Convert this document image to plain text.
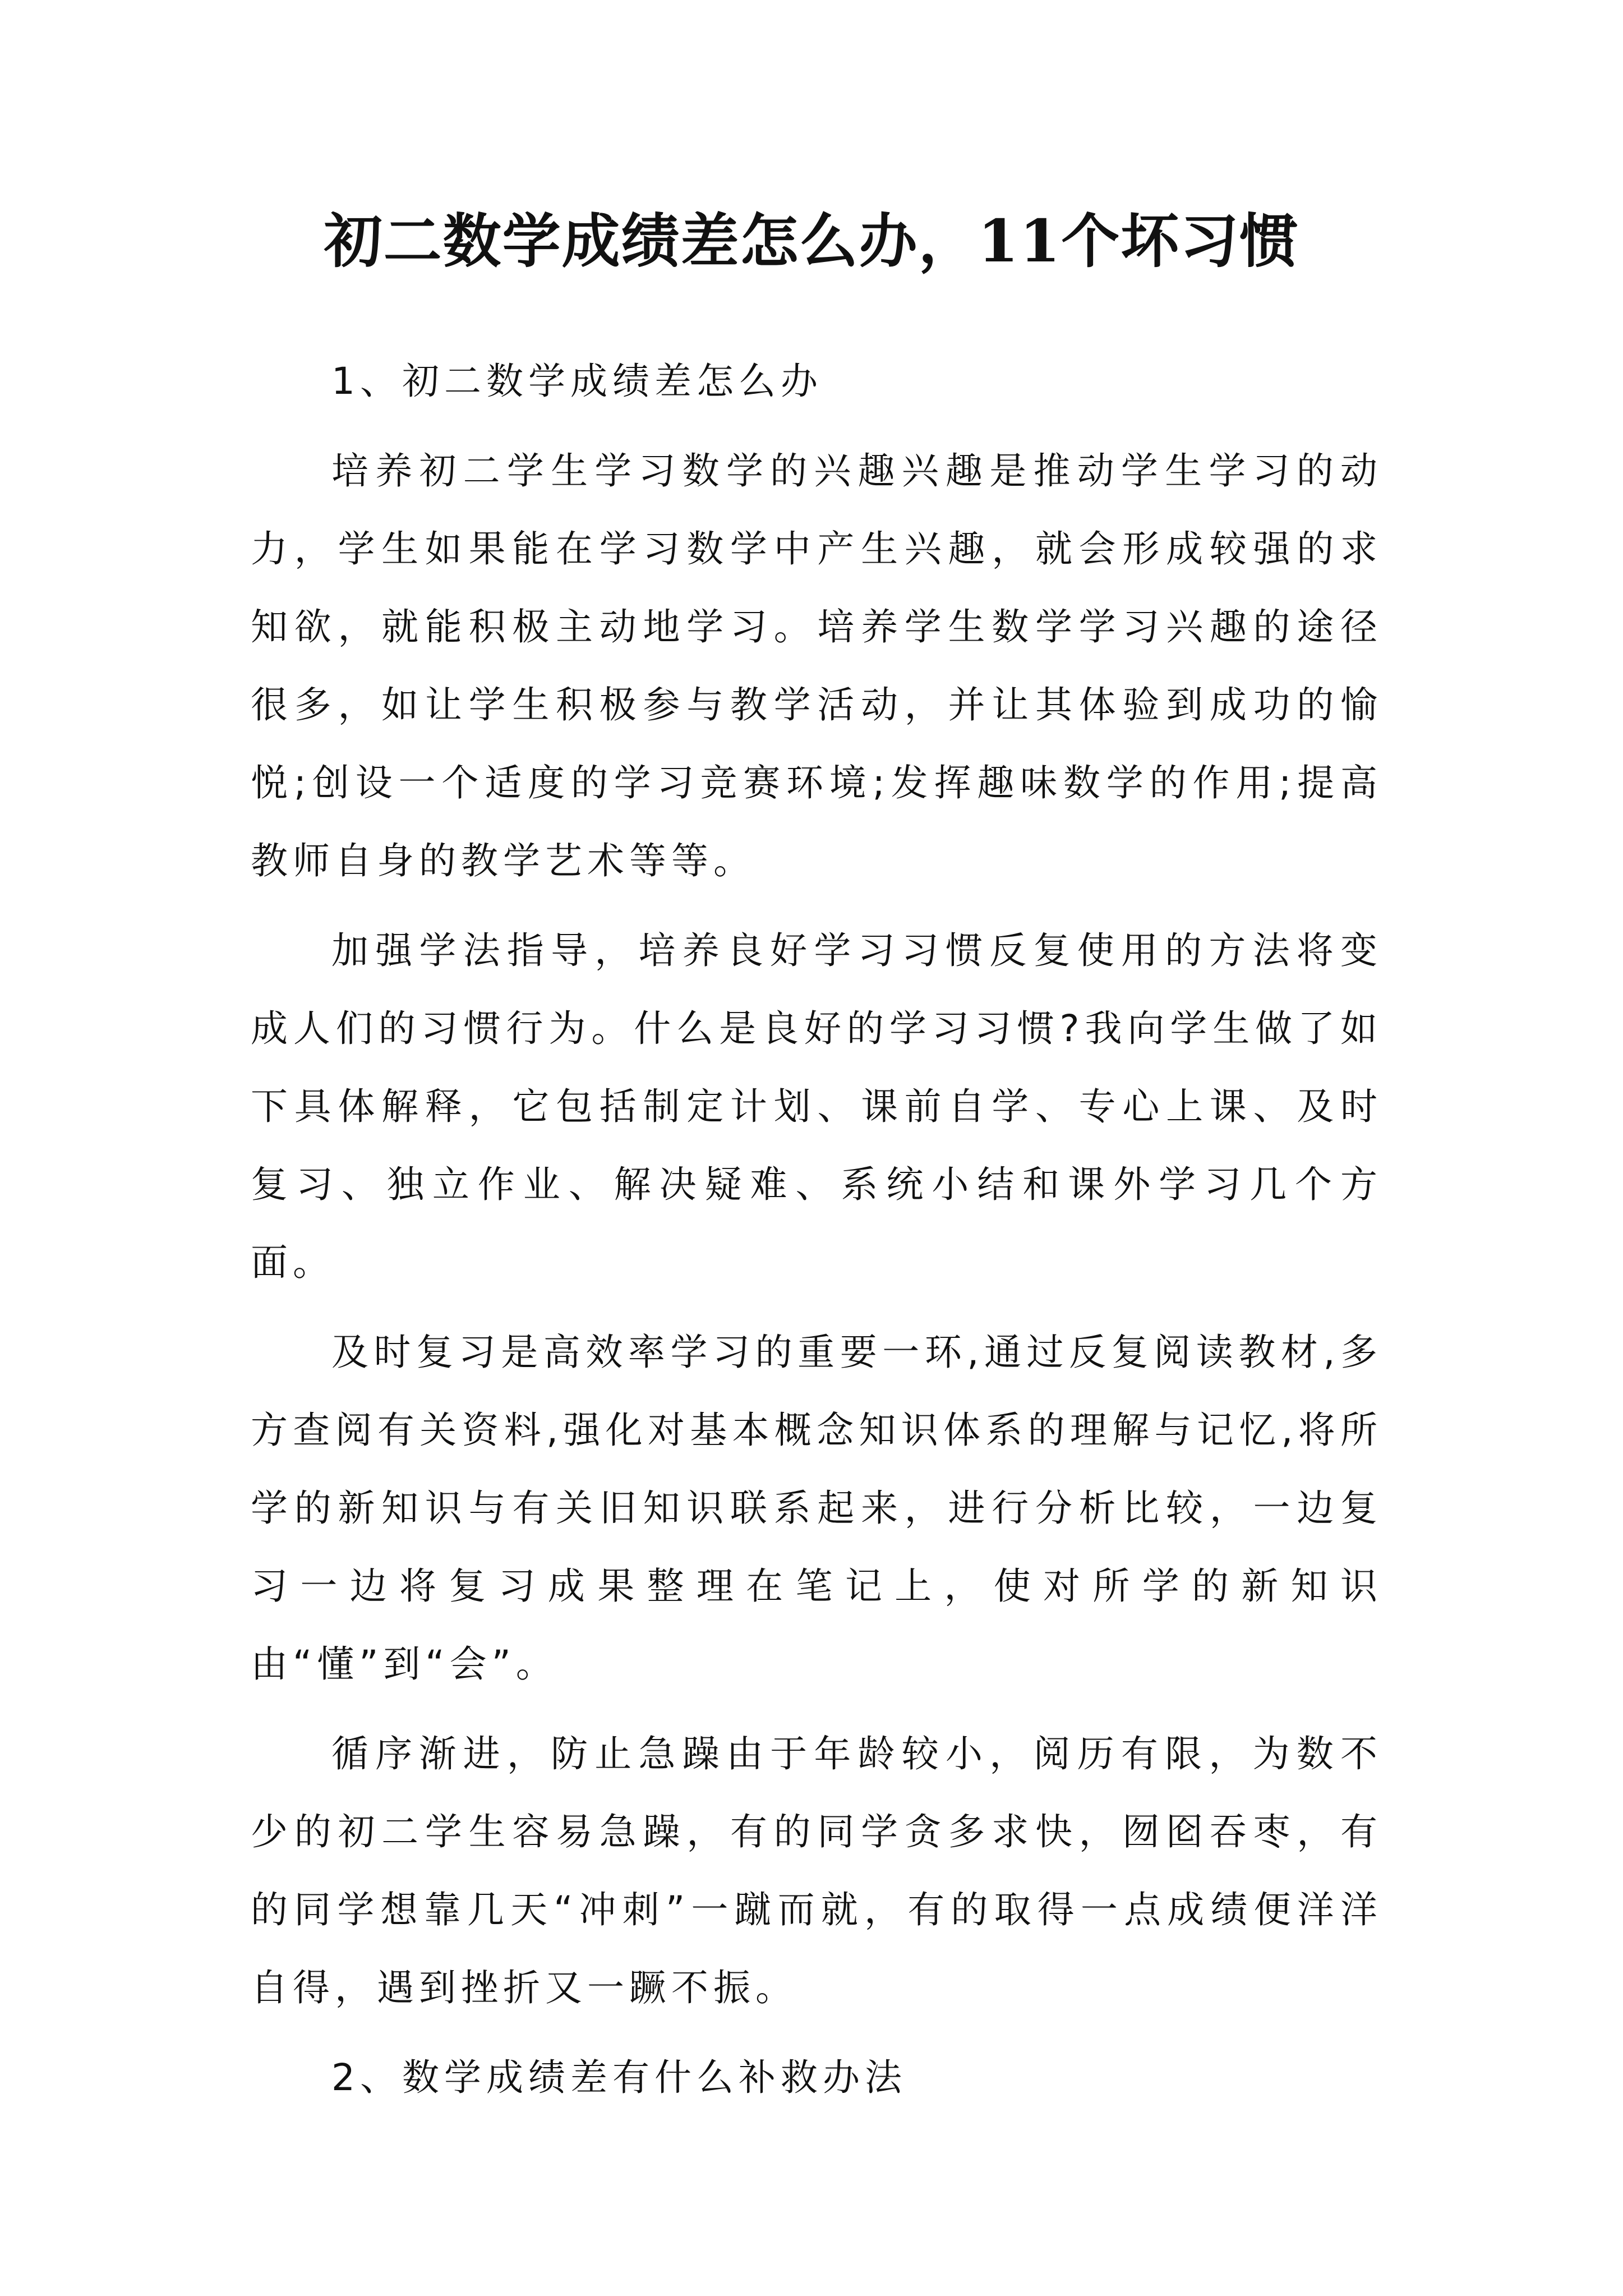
初二数学成绩差怎么办，11个坏习惯

1、初二数学成绩差怎么办

培养初二学生学习数学的兴趣兴趣是推动学生学习的动力，学生如果能在学习数学中产生兴趣，就会形成较强的求知欲，就能积极主动地学习。培养学生数学学习兴趣的途径很多，如让学生积极参与教学活动，并让其体验到成功的愉悦;创设一个适度的学习竞赛环境;发挥趣味数学的作用;提高教师自身的教学艺术等等。

加强学法指导，培养良好学习习惯反复使用的方法将变成人们的习惯行为。什么是良好的学习习惯?我向学生做了如下具体解释，它包括制定计划、课前自学、专心上课、及时复习、独立作业、解决疑难、系统小结和课外学习几个方面。

及时复习是高效率学习的重要一环,通过反复阅读教材,多方查阅有关资料,强化对基本概念知识体系的理解与记忆,将所学的新知识与有关旧知识联系起来，进行分析比较，一边复习一边将复习成果整理在笔记上，使对所学的新知识由“懂”到“会”。

循序渐进，防止急躁由于年龄较小，阅历有限，为数不少的初二学生容易急躁，有的同学贪多求快，囫囵吞枣，有的同学想靠几天“冲刺”一蹴而就，有的取得一点成绩便洋洋自得，遇到挫折又一蹶不振。

2、数学成绩差有什么补救办法
